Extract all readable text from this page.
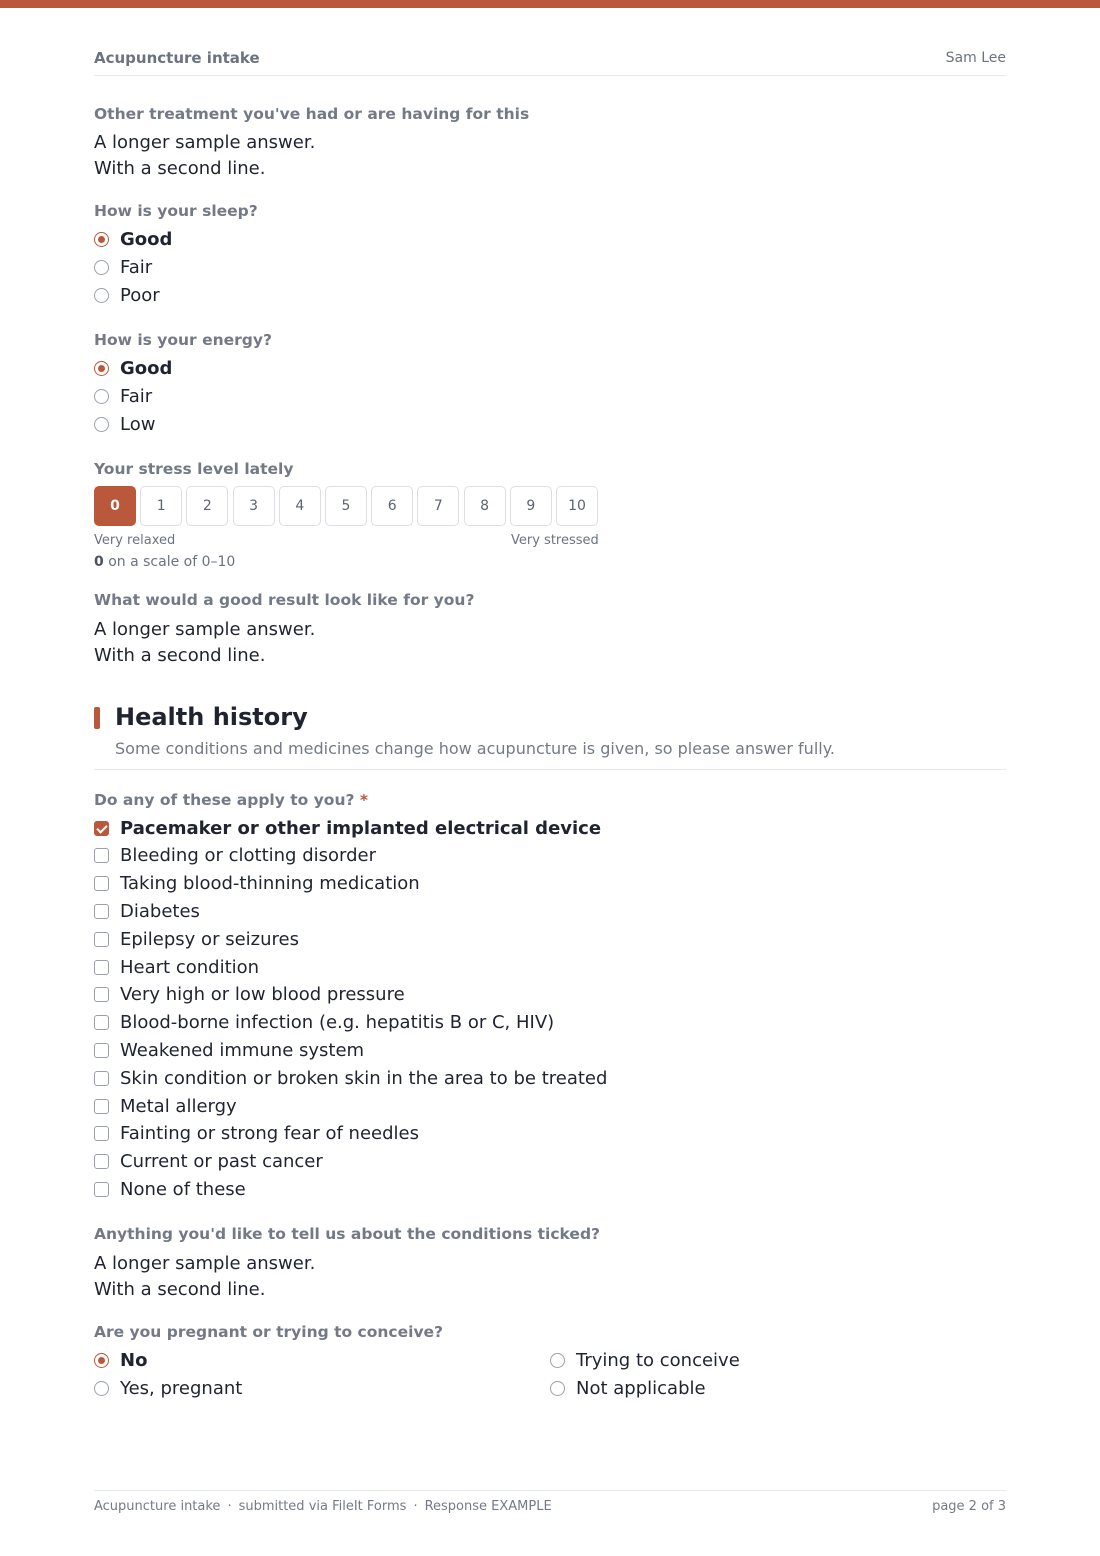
Acupuncture intake	Sam Lee
Other treatment you've had or are having for this
A longer sample answer.
With a second line.
How is your sleep?
Good
Fair
Poor
How is your energy?
Good
Fair
Low
Your stress level lately
0	1	2	3	4	5	6	7	8	9	10
Very relaxed	Very stressed
0 on a scale of 0–10
What would a good result look like for you?
A longer sample answer.
With a second line.
Health history
Some conditions and medicines change how acupuncture is given, so please answer fully.
Do any of these apply to you? *
Pacemaker or other implanted electrical device
Bleeding or clotting disorder
Taking blood-thinning medication
Diabetes
Epilepsy or seizures
Heart condition
Very high or low blood pressure
Blood-borne infection (e.g. hepatitis B or C, HIV)
Weakened immune system
Skin condition or broken skin in the area to be treated
Metal allergy
Fainting or strong fear of needles
Current or past cancer
None of these
Anything you'd like to tell us about the conditions ticked?
A longer sample answer.
With a second line.
Are you pregnant or trying to conceive?
No
Yes, pregnant
Trying to conceive
Not applicable
Acupuncture intake · submitted via FileIt Forms · Response EXAMPLE	page 2 of 3
